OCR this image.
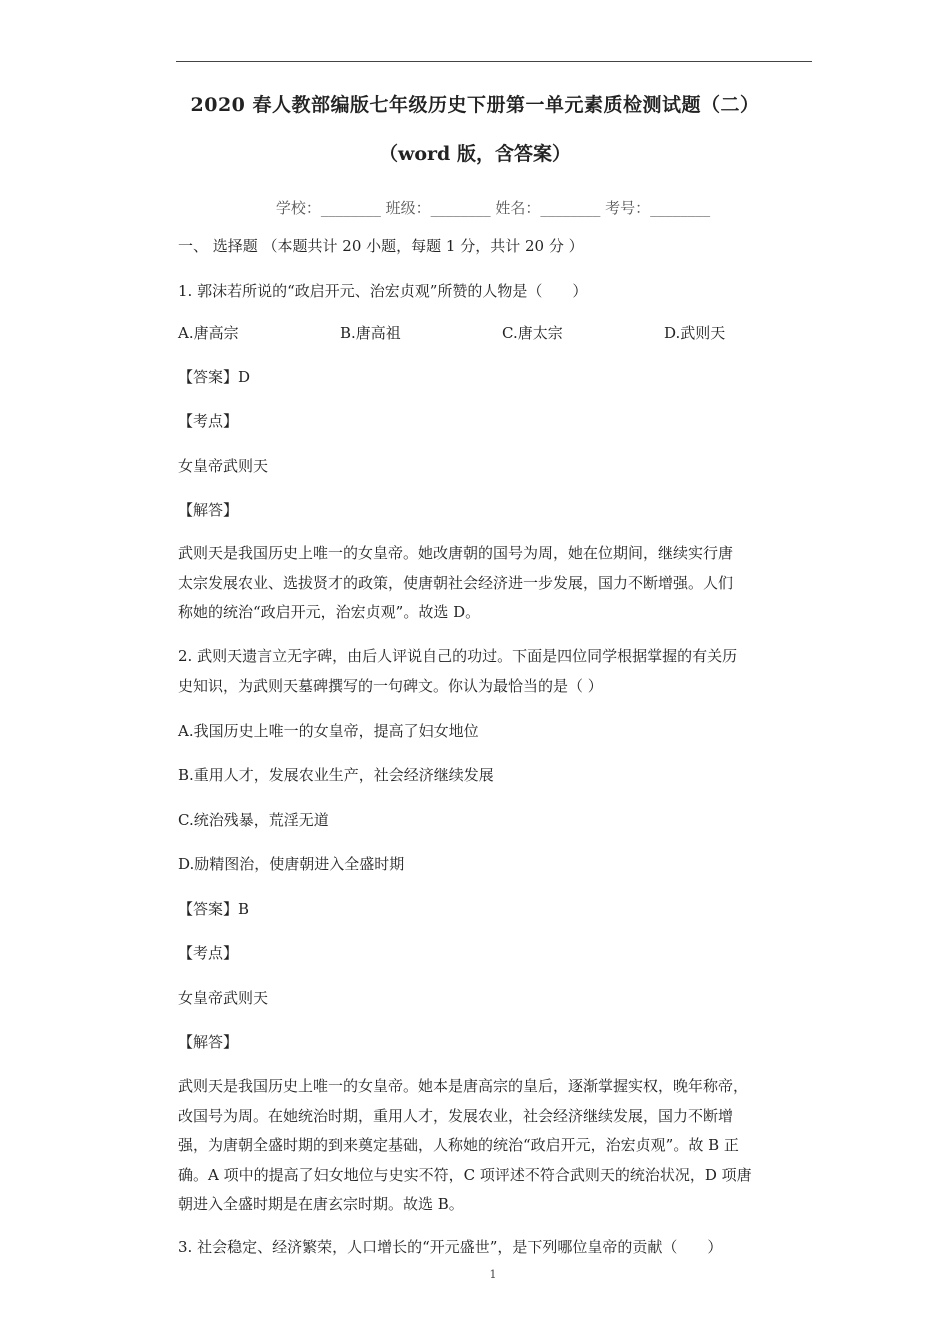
2020 春人教部编版七年级历史下册第一单元素质检测试题（二）
（word 版，含答案）
学校：________ 班级：________ 姓名：________ 考号：________
一、 选择题 （本题共计 20 小题，每题 1 分，共计 20 分 ）
1. 郭沫若所说的“政启开元、治宏贞观”所赞的人物是（　　）
A.唐高宗	B.唐高祖	C.唐太宗	D.武则天
【答案】D
【考点】
女皇帝武则天
【解答】
武则天是我国历史上唯一的女皇帝。她改唐朝的国号为周，她在位期间，继续实行唐
太宗发展农业、选拔贤才的政策，使唐朝社会经济进一步发展，国力不断增强。人们
称她的统治“政启开元，治宏贞观”。故选 D。
2. 武则天遗言立无字碑，由后人评说自己的功过。下面是四位同学根据掌握的有关历
史知识，为武则天墓碑撰写的一句碑文。你认为最恰当的是（ ）
A.我国历史上唯一的女皇帝，提高了妇女地位
B.重用人才，发展农业生产，社会经济继续发展
C.统治残暴，荒淫无道
D.励精图治，使唐朝进入全盛时期
【答案】B
【考点】
女皇帝武则天
【解答】
武则天是我国历史上唯一的女皇帝。她本是唐高宗的皇后，逐渐掌握实权，晚年称帝，
改国号为周。在她统治时期，重用人才，发展农业，社会经济继续发展，国力不断增
强，为唐朝全盛时期的到来奠定基础，人称她的统治“政启开元，治宏贞观”。故 B 正
确。A 项中的提高了妇女地位与史实不符，C 项评述不符合武则天的统治状况，D 项唐
朝进入全盛时期是在唐玄宗时期。故选 B。
3. 社会稳定、经济繁荣，人口增长的“开元盛世”，是下列哪位皇帝的贡献（　　）
1
